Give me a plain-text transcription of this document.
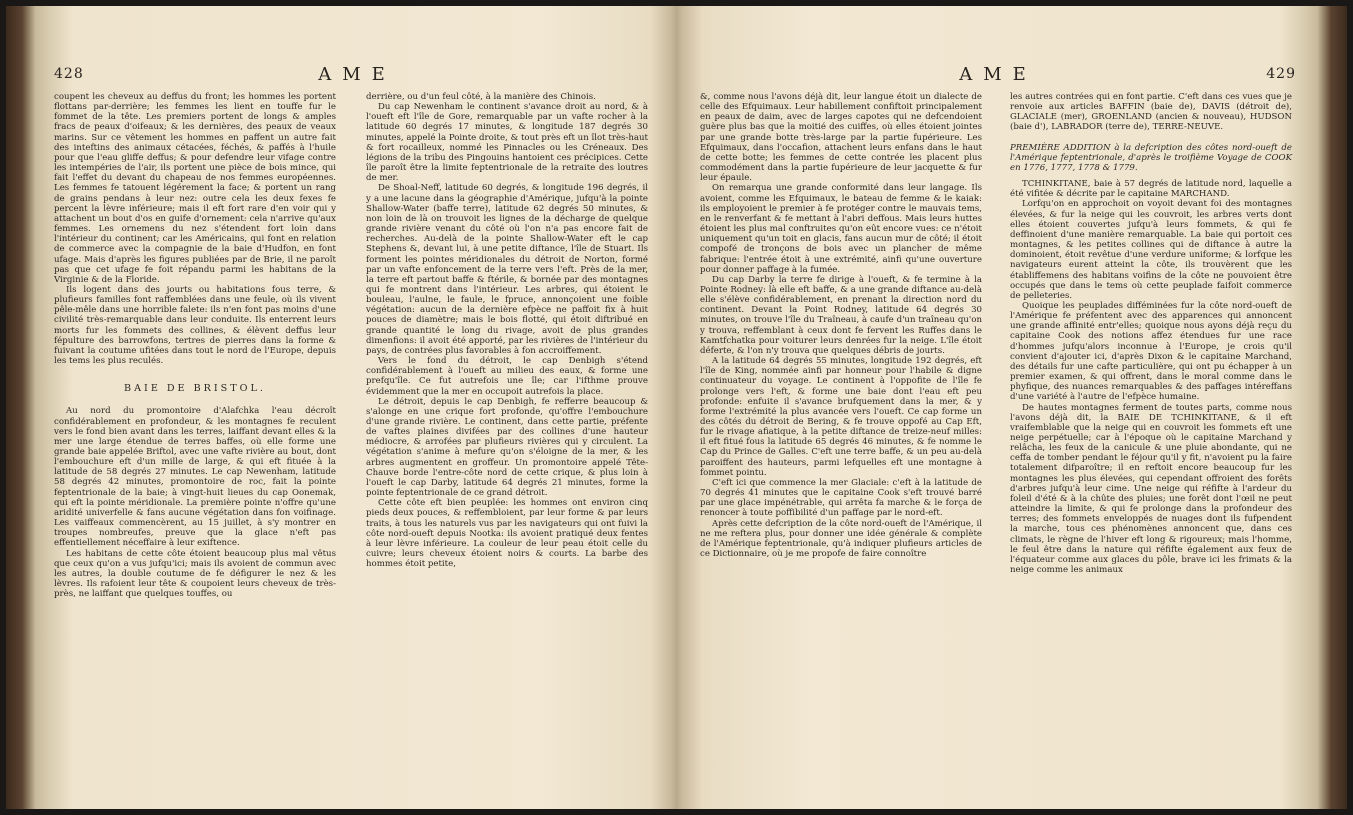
428	AME

coupent les cheveux au deffus du front; les hommes les portent flottans par-derrière; les femmes les lient en touffe fur le fommet de la tête. Les premiers portent de longs & amples fracs de peaux d'oifeaux; & les dernières, des peaux de veaux marins. Sur ce vêtement les hommes en paffent un autre fait des inteftins des animaux cétacées, féchés, & paffés à l'huile pour que l'eau gliffe deffus; & pour defendre leur vifage contre les intempéries de l'air, ils portent une pièce de bois mince, qui fait l'effet du devant du chapeau de nos femmes européennes. Les femmes fe tatouent légérement la face; & portent un rang de grains pendans à leur nez: outre cela les deux fexes fe percent la lèvre inférieure; mais il eft fort rare d'en voir qui y attachent un bout d'os en guife d'ornement: cela n'arrive qu'aux femmes. Les ornemens du nez s'étendent fort loin dans l'intérieur du continent; car les Américains, qui font en relation de commerce avec la compagnie de la baie d'Hudfon, en font ufage. Mais d'après les figures publiées par de Brie, il ne paroît pas que cet ufage fe foit répandu parmi les habitans de la Virginie & de la Floride.

Ils logent dans des jourts ou habitations fous terre, & plufieurs familles font raffemblées dans une feule, où ils vivent pêle-mêle dans une horrible falete: ils n'en font pas moins d'une civilité très-remarquable dans leur conduite. Ils enterrent leurs morts fur les fommets des collines, & élèvent deffus leur fépulture des barrowfons, tertres de pierres dans la forme & fuivant la coutume ufitées dans tout le nord de l'Europe, depuis les tems les plus reculés.

BAIE DE BRISTOL.

Au nord du promontoire d'Alafchka l'eau décroît confidérablement en profondeur, & les montagnes fe reculent vers le fond bien avant dans les terres, laiffant devant elles & la mer une large étendue de terres baffes, où elle forme une grande baie appelée Briftol, avec une vafte rivière au bout, dont l'embouchure eft d'un mille de large, & qui eft fituée à la latitude de 58 degrés 27 minutes. Le cap Newenham, latitude 58 degrés 42 minutes, promontoire de roc, fait la pointe feptentrionale de la baie; à vingt-huit lieues du cap Oonemak, qui eft la pointe méridionale. La première pointe n'offre qu'une aridité univerfelle & fans aucune végétation dans fon voifinage. Les vaiffeaux commencèrent, au 15 juillet, à s'y montrer en troupes nombreufes, preuve que la glace n'eft pas effentiellement néceffaire à leur exiftence.

Les habitans de cette côte étoient beaucoup plus mal vêtus que ceux qu'on a vus jufqu'ici; mais ils avoient de commun avec les autres, la double coutume de fe défigurer le nez & les lèvres. Ils rafoient leur tête & coupoient leurs cheveux de très-près, ne laiffant que quelques touffes, ou

derrière, ou d'un feul côté, à la manière des Chinois.

Du cap Newenham le continent s'avance droit au nord, & à l'oueft eft l'île de Gore, remarquable par un vafte rocher à la latitude 60 degrés 17 minutes, & longitude 187 degrés 30 minutes, appelé la Pointe droite, & tout près eft un îlot très-haut & fort rocailleux, nommé les Pinnacles ou les Créneaux. Des légions de la tribu des Pingouins hantoient ces précipices. Cette île paroît être la limite feptentrionale de la retraite des loutres de mer.

De Shoal-Neff, latitude 60 degrés, & longitude 196 degrés, il y a une lacune dans la géographie d'Amérique, jufqu'à la pointe Shallow-Water (baffe terre), latitude 62 degrés 50 minutes, & non loin de là on trouvoit les lignes de la décharge de quelque grande rivière venant du côté où l'on n'a pas encore fait de recherches. Au-delà de la pointe Shallow-Water eft le cap Stephens &, devant lui, à une petite diftance, l'île de Stuart. Ils forment les pointes méridionales du détroit de Norton, formé par un vafte enfoncement de la terre vers l'eft. Près de la mer, la terre eft partout baffe & ftérile, & bornée par des montagnes qui fe montrent dans l'intérieur. Les arbres, qui étoient le bouleau, l'aulne, le faule, le fpruce, annonçoient une foible végétation: aucun de la dernière efpèce ne paffoit fix à huit pouces de diamètre; mais le bois flotté, qui étoit diftribué en grande quantité le long du rivage, avoit de plus grandes dimenfions: il avoit été apporté, par les rivières de l'intérieur du pays, de contrées plus favorables à fon accroiffement.

Vers le fond du détroit, le cap Denbigh s'étend confidérablement à l'oueft au milieu des eaux, & forme une prefqu'île. Ce fut autrefois une île; car l'ifthme prouve évidemment que la mer en occupoit autrefois la place.

Le détroit, depuis le cap Denbigh, fe refferre beaucoup & s'alonge en une crique fort profonde, qu'offre l'embouchure d'une grande rivière. Le continent, dans cette partie, préfente de vaftes plaines divifées par des collines d'une hauteur médiocre, & arrofées par plufieurs rivières qui y circulent. La végétation s'anime à mefure qu'on s'éloigne de la mer, & les arbres augmentent en groffeur. Un promontoire appelé Tête-Chauve borde l'entre-côte nord de cette crique, & plus loin à l'oueft le cap Darby, latitude 64 degrés 21 minutes, forme la pointe feptentrionale de ce grand détroit.

Cette côte eft bien peuplée: les hommes ont environ cinq pieds deux pouces, & reffembloient, par leur forme & par leurs traits, à tous les naturels vus par les navigateurs qui ont fuivi la côte nord-oueft depuis Nootka: ils avoient pratiqué deux fentes à leur lèvre inférieure. La couleur de leur peau étoit celle du cuivre; leurs cheveux étoient noirs & courts. La barbe des hommes étoit petite,

AME	429

&, comme nous l'avons déjà dit, leur langue étoit un dialecte de celle des Efquimaux. Leur habillement confiftoit principalement en peaux de daim, avec de larges capotes qui ne defcendoient guère plus bas que la moitié des cuiffes, où elles étoient jointes par une grande botte très-large par la partie fupérieure. Les Efquimaux, dans l'occafion, attachent leurs enfans dans le haut de cette botte; les femmes de cette contrée les placent plus commodément dans la partie fupérieure de leur jacquette & fur leur épaule.

On remarqua une grande conformité dans leur langage. Ils avoient, comme les Efquimaux, le bateau de femme & le kaiak: ils employoient le premier à fe protéger contre le mauvais tems, en le renverfant & fe mettant à l'abri deffous. Mais leurs huttes étoient les plus mal conftruites qu'on eût encore vues: ce n'étoit uniquement qu'un toit en glacis, fans aucun mur de côté; il étoit compofé de tronçons de bois avec un plancher de même fabrique: l'entrée étoit à une extrémité, ainfi qu'une ouverture pour donner paffage à la fumée.

Du cap Darby la terre fe dirige à l'oueft, & fe termine à la Pointe Rodney: là elle eft baffe, & a une grande diftance au-delà elle s'élève confidérablement, en prenant la direction nord du continent. Devant la Point Rodney, latitude 64 degrés 30 minutes, on trouve l'île du Traîneau, à caufe d'un traîneau qu'on y trouva, reffemblant à ceux dont fe fervent les Ruffes dans le Kamtfchatka pour voiturer leurs denrées fur la neige. L'île étoit déferte, & l'on n'y trouva que quelques débris de jourts.

A la latitude 64 degrés 55 minutes, longitude 192 degrés, eft l'île de King, nommée ainfi par honneur pour l'habile & digne continuateur du voyage. Le continent à l'oppofite de l'île fe prolonge vers l'eft, & forme une baie dont l'eau eft peu profonde: enfuite il s'avance brufquement dans la mer, & y forme l'extrémité la plus avancée vers l'oueft. Ce cap forme un des côtés du détroit de Bering, & fe trouve oppofé au Cap Eft, fur le rivage afiatique, à la petite diftance de treize-neuf milles: il eft fitué fous la latitude 65 degrés 46 minutes, & fe nomme le Cap du Prince de Galles. C'eft une terre baffe, & un peu au-delà paroiffent des hauteurs, parmi lefquelles eft une montagne à fommet pointu.

C'eft ici que commence la mer Glaciale: c'eft à la latitude de 70 degrés 41 minutes que le capitaine Cook s'eft trouvé barré par une glace impénétrable, qui arrêta fa marche & le força de renoncer à toute poffibilité d'un paffage par le nord-eft.

Après cette defcription de la côte nord-oueft de l'Amérique, il ne me reftera plus, pour donner une idée générale & complète de l'Amérique feptentrionale, qu'à indiquer plufieurs articles de ce Dictionnaire, où je me propofe de faire connoître

les autres contrées qui en font partie. C'eft dans ces vues que je renvoie aux articles BAFFIN (baie de), DAVIS (détroit de), GLACIALE (mer), GROENLAND (ancien & nouveau), HUDSON (baie d'), LABRADOR (terre de), TERRE-NEUVE.

PREMIÈRE ADDITION à la defcription des côtes nord-oueft de l'Amérique feptentrionale, d'après le troifième Voyage de COOK en 1776, 1777, 1778 & 1779.

TCHINKITANE, baie à 57 degrés de latitude nord, laquelle a été vifitée & décrite par le capitaine MARCHAND.

Lorfqu'on en approchoit on voyoit devant foi des montagnes élevées, & fur la neige qui les couvroit, les arbres verts dont elles étoient couvertes jufqu'à leurs fommets, & qui fe deffinoient d'une manière remarquable. La baie qui portoit ces montagnes, & les petites collines qui de diftance à autre la dominoient, étoit revêtue d'une verdure uniforme; & lorfque les navigateurs eurent atteint la côte, ils trouvèrent que les établiffemens des habitans voifins de la côte ne pouvoient être occupés que dans le tems où cette peuplade faifoit commerce de pelleteries.

Quoique les peuplades difféminées fur la côte nord-oueft de l'Amérique fe préfentent avec des apparences qui annoncent une grande affinité entr'elles; quoique nous ayons déjà reçu du capitaine Cook des notions affez étendues fur une race d'hommes jufqu'alors inconnue à l'Europe, je crois qu'il convient d'ajouter ici, d'après Dixon & le capitaine Marchand, des détails fur une cafte particulière, qui ont pu échapper à un premier examen, & qui offrent, dans le moral comme dans le phyfique, des nuances remarquables & des paffages intéreffans d'une variété à l'autre de l'efpèce humaine.

De hautes montagnes ferment de toutes parts, comme nous l'avons déjà dit, la BAIE DE TCHINKITANE, & il eft vraifemblable que la neige qui en couvroit les fommets eft une neige perpétuelle; car à l'époque où le capitaine Marchand y relâcha, les feux de la canicule & une pluie abondante, qui ne ceffa de tomber pendant le féjour qu'il y fit, n'avoient pu la faire totalement difparoître; il en reftoit encore beaucoup fur les montagnes les plus élevées, qui cependant offroient des forêts d'arbres jufqu'à leur cime. Une neige qui réfifte à l'ardeur du foleil d'été & à la chûte des pluies; une forêt dont l'œil ne peut atteindre la limite, & qui fe prolonge dans la profondeur des terres; des fommets enveloppés de nuages dont ils fufpendent la marche, tous ces phénomènes annoncent que, dans ces climats, le règne de l'hiver eft long & rigoureux; mais l'homme, le feul être dans la nature qui réfifte également aux feux de l'équateur comme aux glaces du pôle, brave ici les frimats & la neige comme les animaux
